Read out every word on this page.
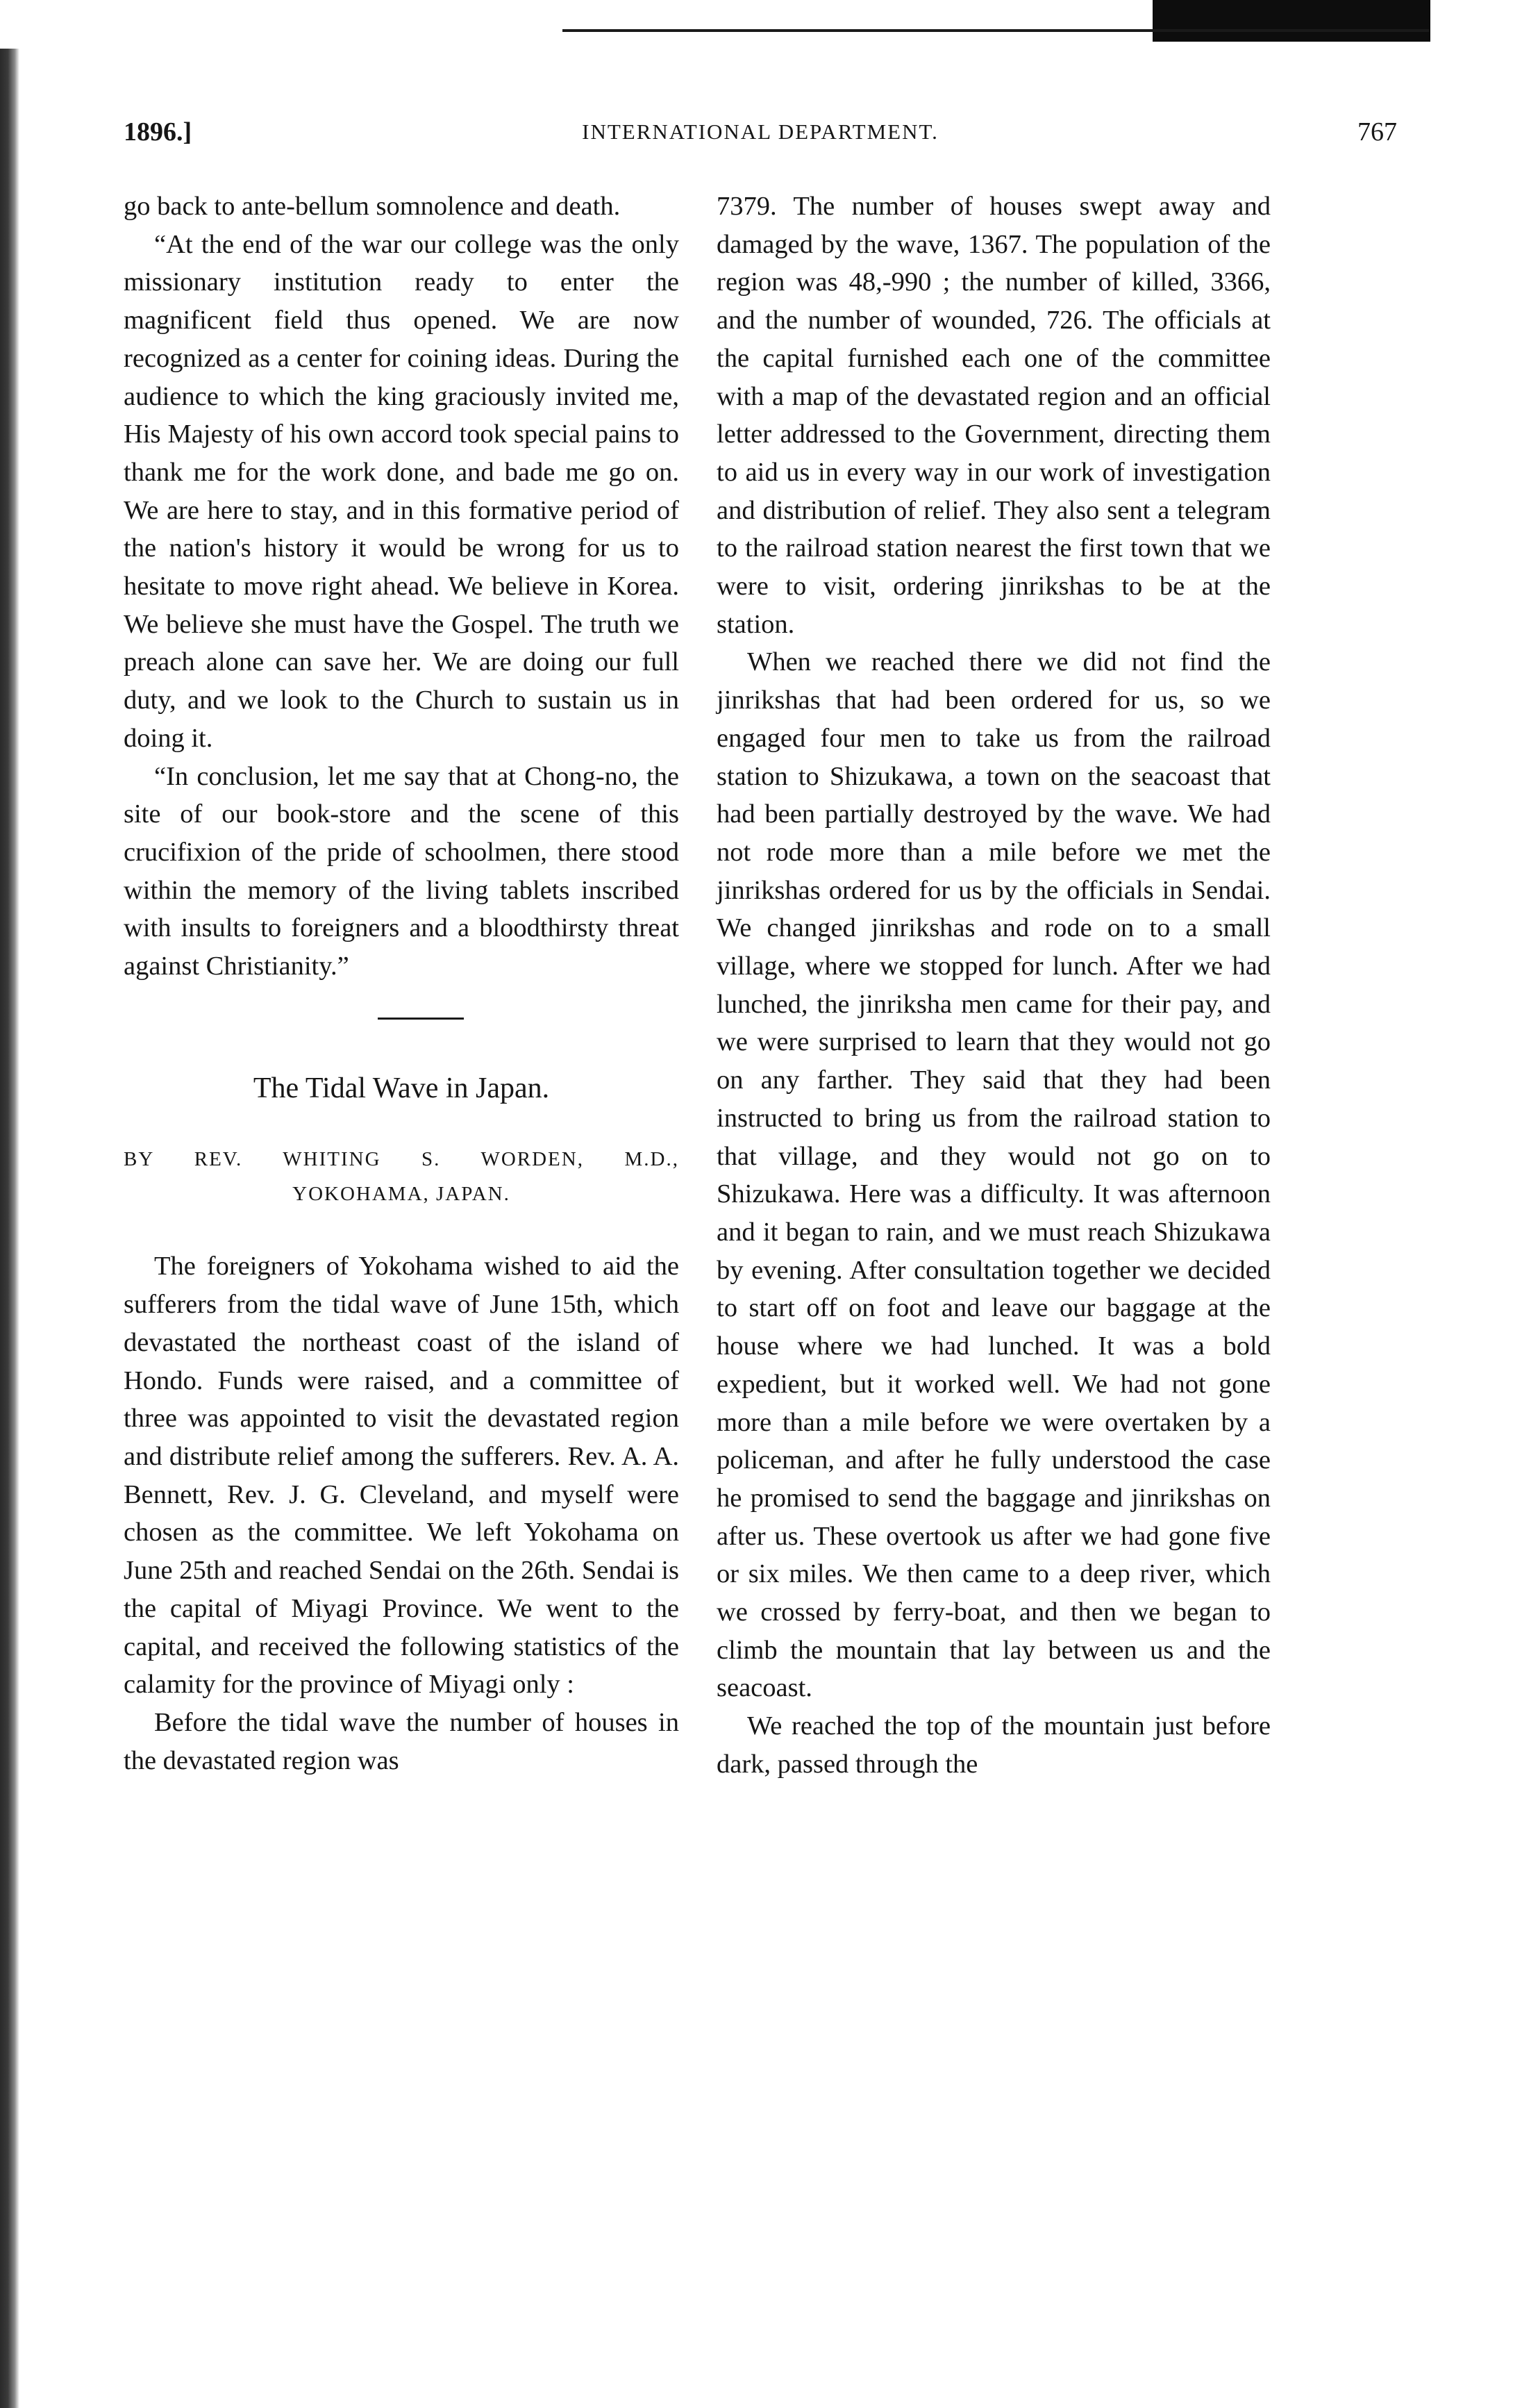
1896.]	INTERNATIONAL DEPARTMENT.	767

go back to ante-bellum somnolence and death.

“At the end of the war our college was the only missionary institution ready to enter the magnificent field thus opened. We are now recognized as a center for coining ideas. During the audience to which the king graciously invited me, His Majesty of his own accord took special pains to thank me for the work done, and bade me go on. We are here to stay, and in this formative period of the nation's history it would be wrong for us to hesitate to move right ahead. We believe in Korea. We believe she must have the Gospel. The truth we preach alone can save her. We are doing our full duty, and we look to the Church to sustain us in doing it.

“In conclusion, let me say that at Chong-no, the site of our book-store and the scene of this crucifixion of the pride of schoolmen, there stood within the memory of the living tablets inscribed with insults to foreigners and a bloodthirsty threat against Christianity.”

The Tidal Wave in Japan.
BY REV. WHITING S. WORDEN, M.D.,
YOKOHAMA, JAPAN.

The foreigners of Yokohama wished to aid the sufferers from the tidal wave of June 15th, which devastated the northeast coast of the island of Hondo. Funds were raised, and a committee of three was appointed to visit the devastated region and distribute relief among the sufferers. Rev. A. A. Bennett, Rev. J. G. Cleveland, and myself were chosen as the committee. We left Yokohama on June 25th and reached Sendai on the 26th. Sendai is the capital of Miyagi Province. We went to the capital, and received the following statistics of the calamity for the province of Miyagi only :

Before the tidal wave the number of houses in the devastated region was

7379. The number of houses swept away and damaged by the wave, 1367. The population of the region was 48,-990 ; the number of killed, 3366, and the number of wounded, 726. The officials at the capital furnished each one of the committee with a map of the devastated region and an official letter addressed to the Government, directing them to aid us in every way in our work of investigation and distribution of relief. They also sent a telegram to the railroad station nearest the first town that we were to visit, ordering jinrikshas to be at the station.

When we reached there we did not find the jinrikshas that had been ordered for us, so we engaged four men to take us from the railroad station to Shizukawa, a town on the seacoast that had been partially destroyed by the wave. We had not rode more than a mile before we met the jinrikshas ordered for us by the officials in Sendai. We changed jinrikshas and rode on to a small village, where we stopped for lunch. After we had lunched, the jinriksha men came for their pay, and we were surprised to learn that they would not go on any farther. They said that they had been instructed to bring us from the railroad station to that village, and they would not go on to Shizukawa. Here was a difficulty. It was afternoon and it began to rain, and we must reach Shizukawa by evening. After consultation together we decided to start off on foot and leave our baggage at the house where we had lunched. It was a bold expedient, but it worked well. We had not gone more than a mile before we were overtaken by a policeman, and after he fully understood the case he promised to send the baggage and jinrikshas on after us. These overtook us after we had gone five or six miles. We then came to a deep river, which we crossed by ferry-boat, and then we began to climb the mountain that lay between us and the seacoast.

We reached the top of the mountain just before dark, passed through the
